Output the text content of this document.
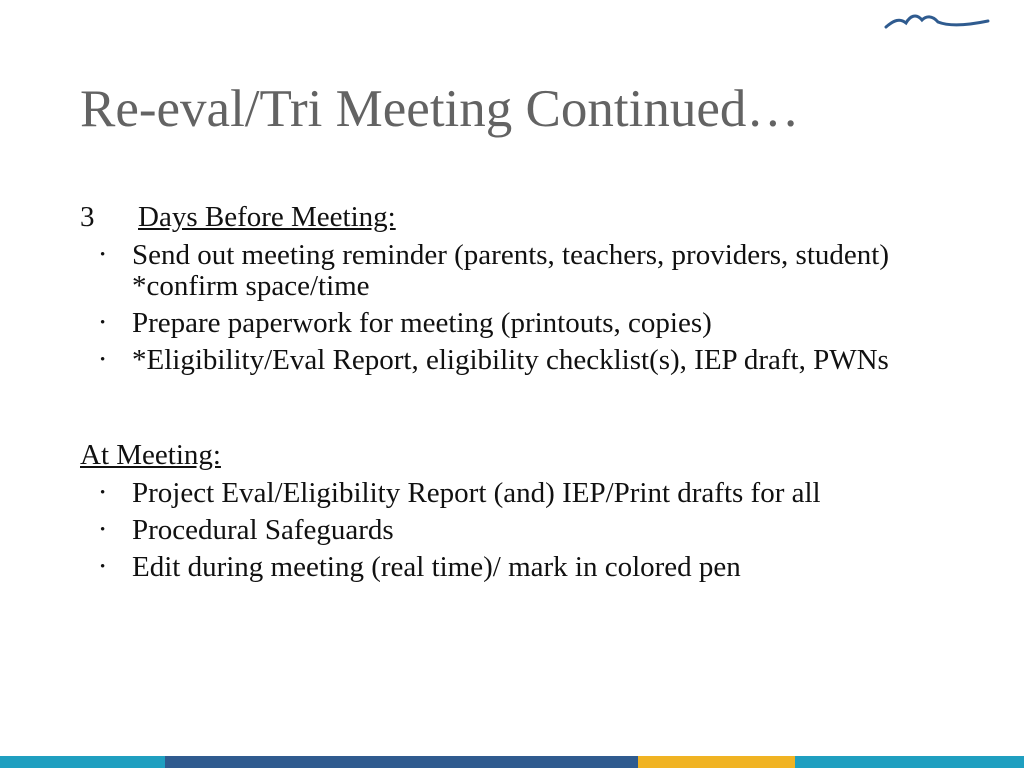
Re-eval/Tri Meeting Continued…
3 Days Before Meeting:
• Send out meeting reminder (parents, teachers, providers, student) *confirm space/time
• Prepare paperwork for meeting (printouts, copies)
• *Eligibility/Eval Report, eligibility checklist(s), IEP draft, PWNs
At Meeting:
• Project Eval/Eligibility Report (and) IEP/Print drafts for all
• Procedural Safeguards
• Edit during meeting (real time)/ mark in colored pen
